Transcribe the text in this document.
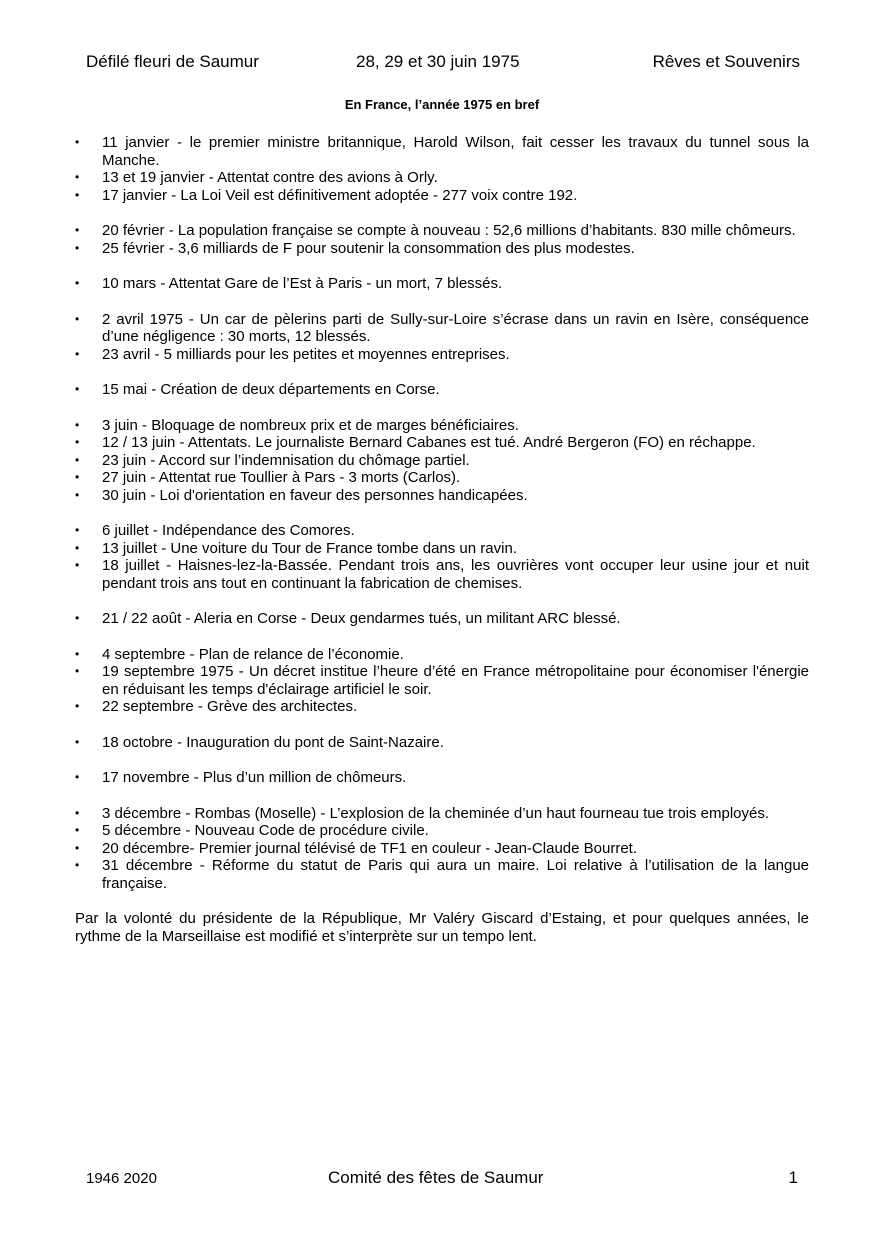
Défilé fleuri de Saumur	28, 29 et 30 juin 1975	Rêves et Souvenirs
En France, l’année 1975 en bref
• 11 janvier - le premier ministre britannique, Harold Wilson, fait cesser les travaux du tunnel sous la Manche.
• 13 et 19 janvier - Attentat contre des avions à Orly.
• 17 janvier - La Loi Veil est définitivement adoptée - 277 voix contre 192.
• 20 février - La population française se compte à nouveau : 52,6 millions d’habitants. 830 mille chômeurs.
• 25 février - 3,6 milliards de F pour soutenir la consommation des plus modestes.
• 10 mars - Attentat Gare de l’Est à Paris - un mort, 7 blessés.
• 2 avril 1975 - Un car de pèlerins parti de Sully-sur-Loire s’écrase dans un ravin en Isère, conséquence d’une négligence : 30 morts, 12 blessés.
• 23 avril - 5 milliards pour les petites et moyennes entreprises.
• 15 mai - Création de deux départements en Corse.
• 3 juin - Bloquage de nombreux prix et de marges bénéficiaires.
• 12 / 13 juin - Attentats. Le journaliste Bernard Cabanes est tué. André Bergeron (FO) en réchappe.
• 23 juin - Accord sur l’indemnisation du chômage partiel.
• 27 juin - Attentat rue Toullier à Pars - 3 morts (Carlos).
• 30 juin - Loi d'orientation en faveur des personnes handicapées.
• 6 juillet - Indépendance des Comores.
• 13 juillet - Une voiture du Tour de France tombe dans un ravin.
• 18 juillet - Haisnes-lez-la-Bassée. Pendant trois ans, les ouvrières vont occuper leur usine jour et nuit pendant trois ans tout en continuant la fabrication de chemises.
• 21 / 22 août - Aleria en Corse - Deux gendarmes tués, un militant ARC blessé.
• 4 septembre - Plan de relance de l’économie.
• 19 septembre 1975 - Un décret institue l’heure d’été en France métropolitaine pour économiser l'énergie en réduisant les temps d'éclairage artificiel le soir.
• 22 septembre - Grève des architectes.
• 18 octobre - Inauguration du pont de Saint-Nazaire.
• 17 novembre - Plus d’un million de chômeurs.
• 3 décembre - Rombas (Moselle) - L’explosion de la cheminée d’un haut fourneau tue trois employés.
• 5 décembre - Nouveau Code de procédure civile.
• 20 décembre- Premier journal télévisé de TF1 en couleur - Jean-Claude Bourret.
• 31 décembre - Réforme du statut de Paris qui aura un maire. Loi relative à l’utilisation de la langue française.

Par la volonté du présidente de la République, Mr Valéry Giscard d’Estaing, et pour quelques années, le rythme de la Marseillaise est modifié et s’interprète sur un tempo lent.

1946 2020	Comité des fêtes de Saumur	1
